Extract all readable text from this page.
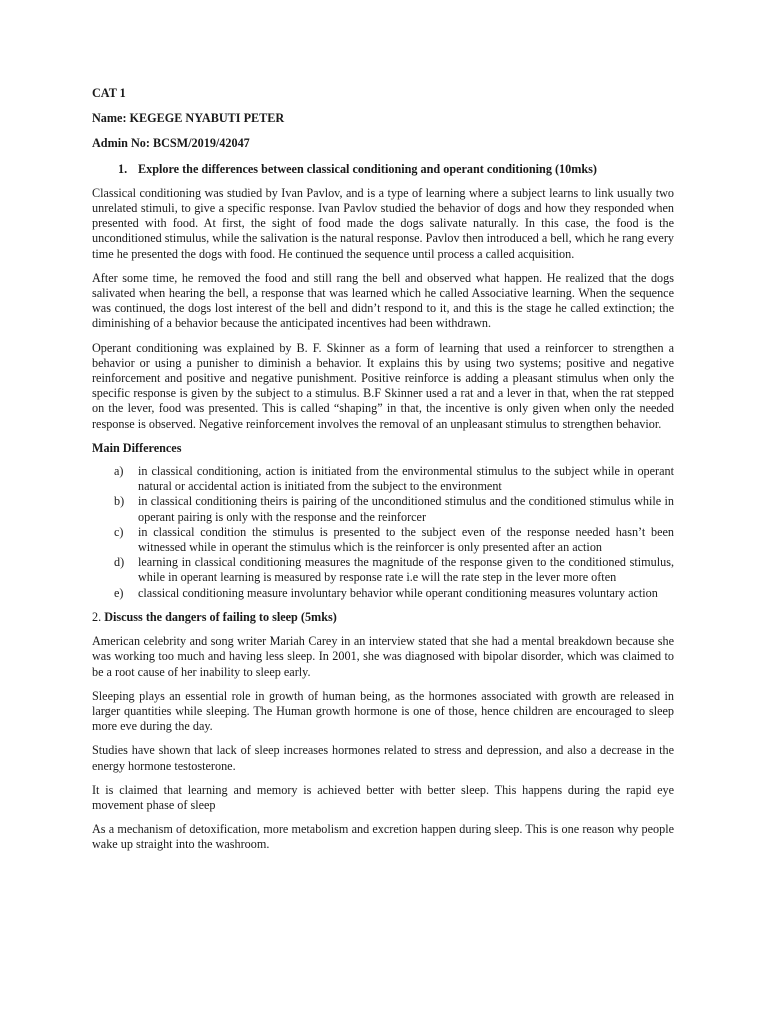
CAT 1
Name: KEGEGE NYABUTI PETER
Admin No: BCSM/2019/42047
1. Explore the differences between classical conditioning and operant conditioning (10mks)

Classical conditioning was studied by Ivan Pavlov, and is a type of learning where a subject learns to link usually two unrelated stimuli, to give a specific response. Ivan Pavlov studied the behavior of dogs and how they responded when presented with food. At first, the sight of food made the dogs salivate naturally. In this case, the food is the unconditioned stimulus, while the salivation is the natural response. Pavlov then introduced a bell, which he rang every time he presented the dogs with food. He continued the sequence until process a called acquisition.

After some time, he removed the food and still rang the bell and observed what happen. He realized that the dogs salivated when hearing the bell, a response that was learned which he called Associative learning. When the sequence was continued, the dogs lost interest of the bell and didn’t respond to it, and this is the stage he called extinction; the diminishing of a behavior because the anticipated incentives had been withdrawn.

Operant conditioning was explained by B. F. Skinner as a form of learning that used a reinforcer to strengthen a behavior or using a punisher to diminish a behavior. It explains this by using two systems; positive and negative reinforcement and positive and negative punishment. Positive reinforce is adding a pleasant stimulus when only the specific response is given by the subject to a stimulus. B.F Skinner used a rat and a lever in that, when the rat stepped on the lever, food was presented. This is called “shaping” in that, the incentive is only given when only the needed response is observed. Negative reinforcement involves the removal of an unpleasant stimulus to strengthen behavior.

Main Differences
a) in classical conditioning, action is initiated from the environmental stimulus to the subject while in operant natural or accidental action is initiated from the subject to the environment
b) in classical conditioning theirs is pairing of the unconditioned stimulus and the conditioned stimulus while in operant pairing is only with the response and the reinforcer
c) in classical condition the stimulus is presented to the subject even of the response needed hasn’t been witnessed while in operant the stimulus which is the reinforcer is only presented after an action
d) learning in classical conditioning measures the magnitude of the response given to the conditioned stimulus, while in operant learning is measured by response rate i.e will the rate step in the lever more often
e) classical conditioning measure involuntary behavior while operant conditioning measures voluntary action
2. Discuss the dangers of failing to sleep (5mks)

American celebrity and song writer Mariah Carey in an interview stated that she had a mental breakdown because she was working too much and having less sleep. In 2001, she was diagnosed with bipolar disorder, which was claimed to be a root cause of her inability to sleep early.

Sleeping plays an essential role in growth of human being, as the hormones associated with growth are released in larger quantities while sleeping. The Human growth hormone is one of those, hence children are encouraged to sleep more eve during the day.

Studies have shown that lack of sleep increases hormones related to stress and depression, and also a decrease in the energy hormone testosterone.

It is claimed that learning and memory is achieved better with better sleep. This happens during the rapid eye movement phase of sleep

As a mechanism of detoxification, more metabolism and excretion happen during sleep. This is one reason why people wake up straight into the washroom.
